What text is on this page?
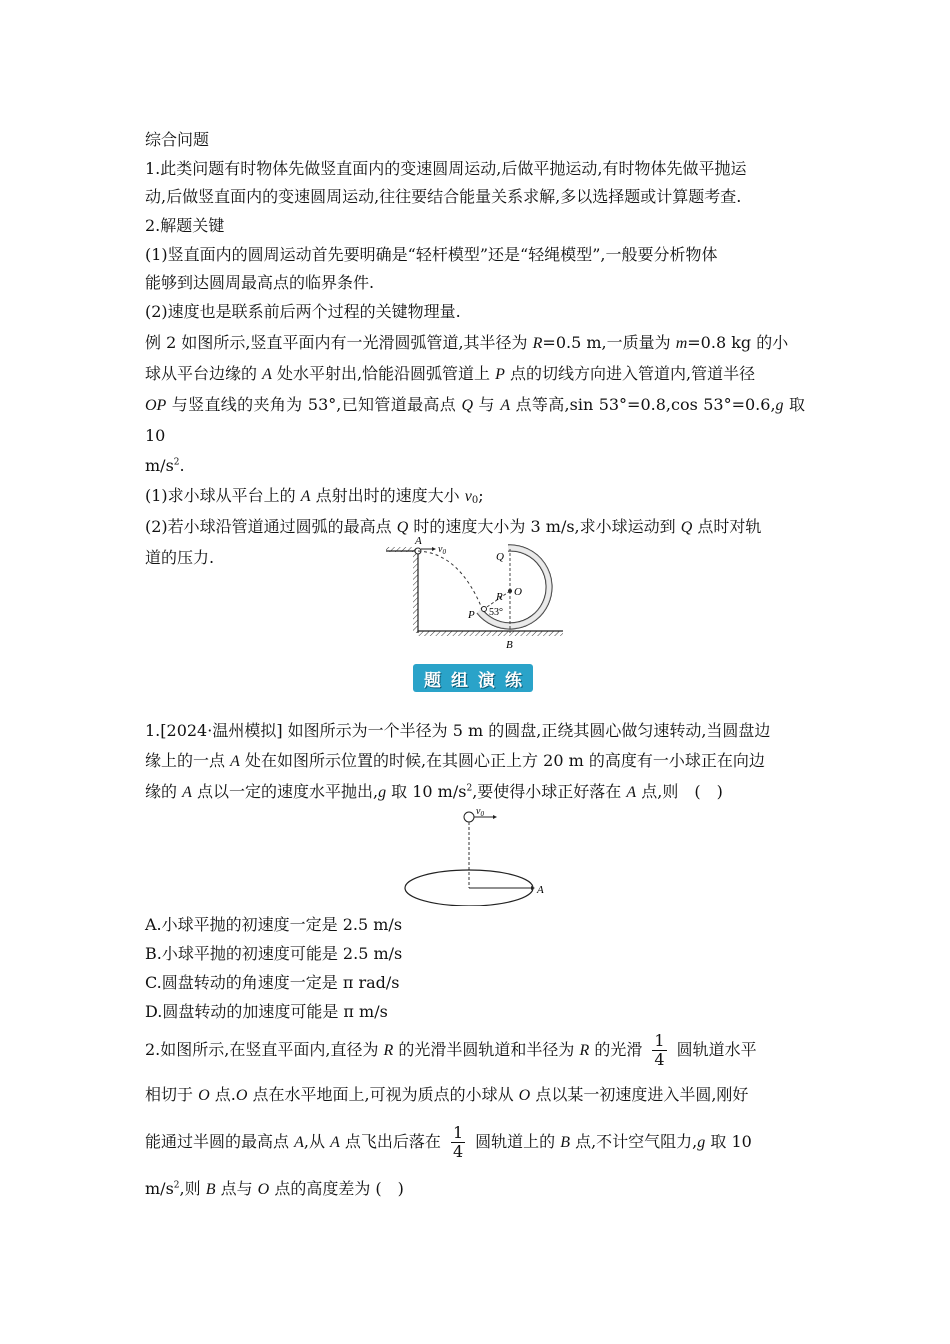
综合问题

1.此类问题有时物体先做竖直面内的变速圆周运动,后做平抛运动,有时物体先做平抛运
动,后做竖直面内的变速圆周运动,往往要结合能量关系求解,多以选择题或计算题考查.

2.解题关键

(1)竖直面内的圆周运动首先要明确是“轻杆模型”还是“轻绳模型”,一般要分析物体
能够到达圆周最高点的临界条件.

(2)速度也是联系前后两个过程的关键物理量.

例 2 如图所示,竖直平面内有一光滑圆弧管道,其半径为 R=0.5 m,一质量为 m=0.8 kg 的小

球从平台边缘的 A 处水平射出,恰能沿圆弧管道上 P 点的切线方向进入管道内,管道半径

OP 与竖直线的夹角为 53°,已知管道最高点 Q 与 A 点等高,sin 53°=0.8,cos 53°=0.6,g 取 10

$m/s^2$.

(1)求小球从平台上的 A 点射出时的速度大小 $v_0$;

(2)若小球沿管道通过圆弧的最高点 Q 时的速度大小为 3 m/s,求小球运动到 Q 点时对轨
道的压力.

1.[2024·温州模拟] 如图所示为一个半径为 5 m 的圆盘,正绕其圆心做匀速转动,当圆盘边

缘上的一点 A 处在如图所示位置的时候,在其圆心正上方 20 m 的高度有一小球正在向边

缘的 A 点以一定的速度水平抛出,g 取 10 $m/s^2$,要使得小球正好落在 A 点,则　(　)

A.小球平抛的初速度一定是 2.5 m/s

B.小球平抛的初速度可能是 2.5 m/s

C.圆盘转动的角速度一定是 π rad/s

D.圆盘转动的加速度可能是 π m/s

2.如图所示,在竖直平面内,直径为 R 的光滑半圆轨道和半径为 R 的光滑 $\frac{1}{4}$ 圆轨道水平

相切于 O 点.O 点在水平地面上,可视为质点的小球从 O 点以某一初速度进入半圆,刚好

能通过半圆的最高点 A,从 A 点飞出后落在 $\frac{1}{4}$ 圆轨道上的 B 点,不计空气阻力,g 取 10

$m/s^2$,则 B 点与 O 点的高度差为 (　)

A
$v_0$	Q
O
R
P 53°
B
题 组 演 练
$v_0$
A
